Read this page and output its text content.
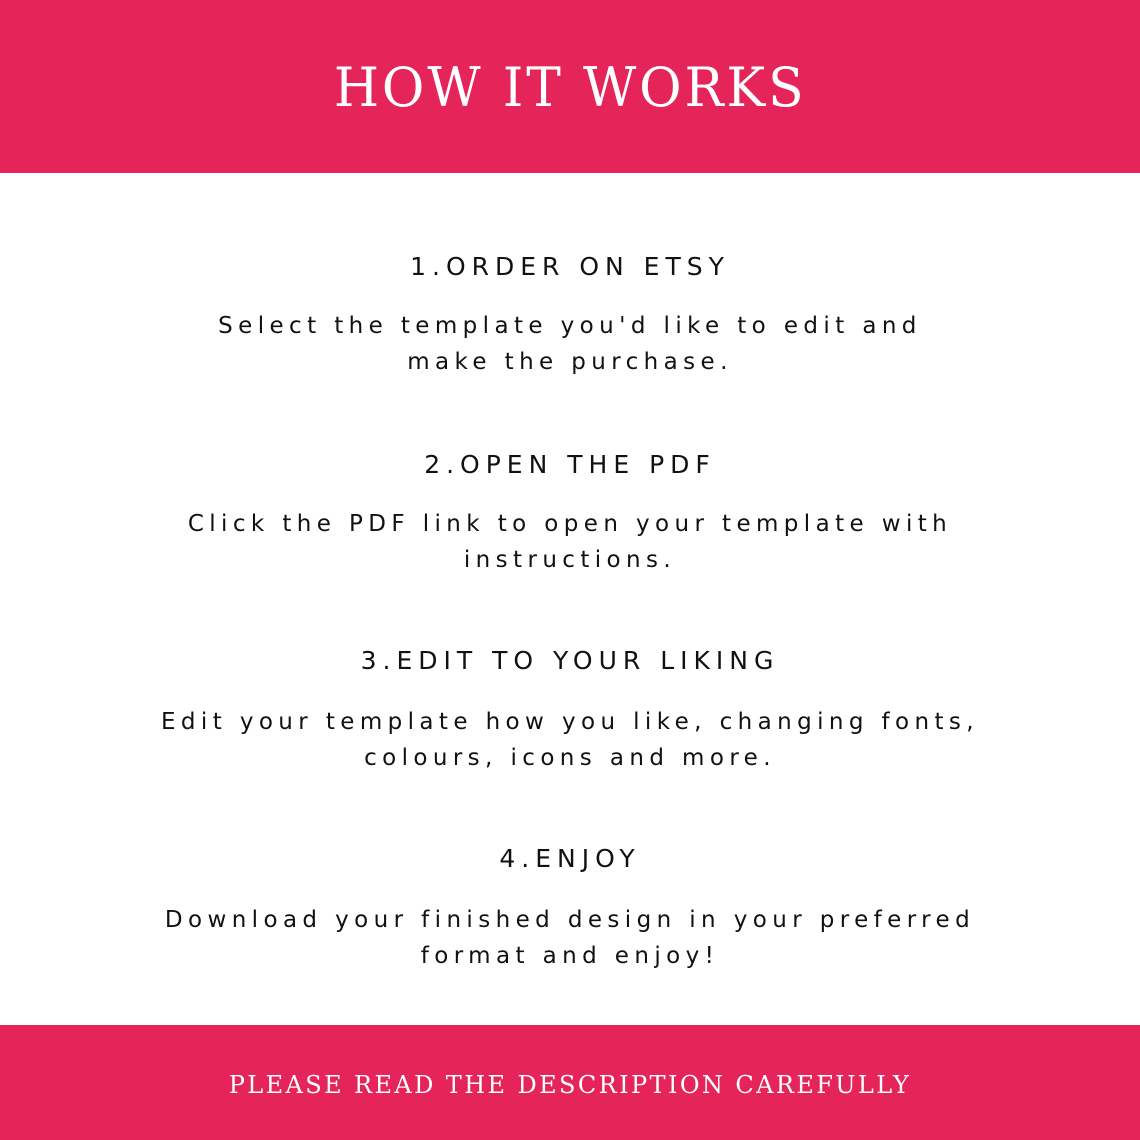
HOW IT WORKS
1.ORDER ON ETSY

Select the template you'd like to edit and
make the purchase.

2.OPEN THE PDF

Click the PDF link to open your template with
instructions.

3.EDIT TO YOUR LIKING

Edit your template how you like, changing fonts,
colours, icons and more.

4.ENJOY

Download your finished design in your preferred
format and enjoy!

PLEASE READ THE DESCRIPTION CAREFULLY
